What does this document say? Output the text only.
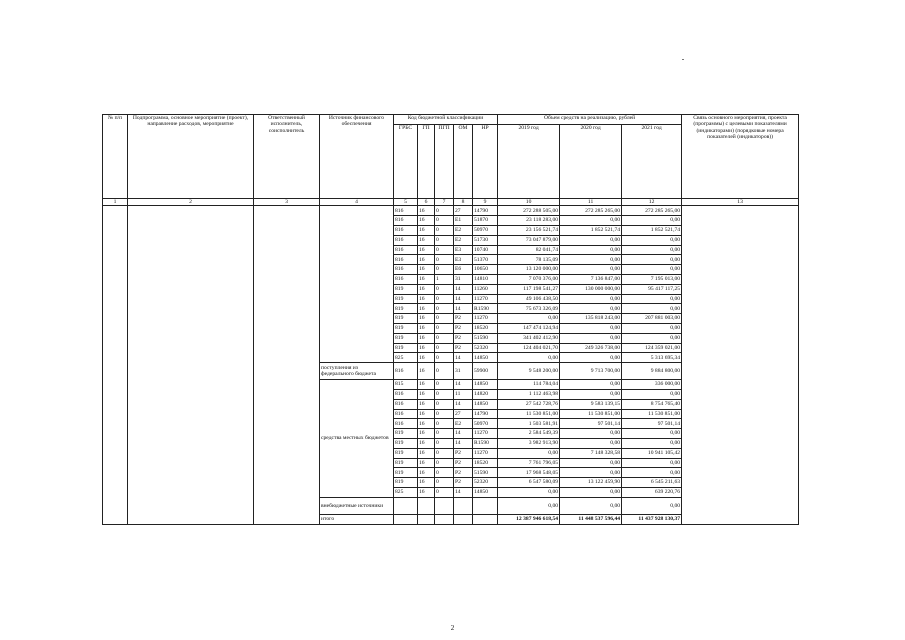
№ п/п	Подпрограмма, основное мероприятие (проект), направление расходов, мероприятие	Ответственный исполнитель, соисполнитель	Источник финансового обеспечения	Код бюджетной классификации					Объем средств на реализацию, рублей			Связь основного мероприятия, проекта (программы) с целевыми показателями (индикаторами) (порядковые номера показателей (индикаторов))
				ГРБС	ГП	ПГП	ОМ	НР	2019 год	2020 год	2021 год	
1	2	3	4	5	6	7	8	9	10	11	12	13
				816	16	0	27	14790	272 288 505,00	272 285 265,00	272 285 265,00	
				816	16	0	E1	51870	23 118 283,00	0,00	0,00	
				816	16	0	E2	50970	23 156 521,74	1 852 521,74	1 852 521,74	
				816	16	0	E2	51730	73 047 879,00	0,00	0,00	
				816	16	0	E3	10740	82 041,74	0,00	0,00	
				816	16	0	E3	51370	78 135,09	0,00	0,00	
				816	16	0	E6	10650	13 120 000,00	0,00	0,00	
				816	16	1	31	14810	7 070 376,00	7 136 847,00	7 195 013,00	
				819	16	0	14	11260	117 198 541,27	130 000 000,00	95 417 117,25	
				819	16	0	14	11270	49 106 438,50	0,00	0,00	
				819	16	0	14	R1590	75 673 326,09	0,00	0,00	
				819	16	0	P2	11270	0,00	135 818 243,00	207 881 003,00	
				819	16	0	P2	18520	147 474 124,94	0,00	0,00	
				819	16	0	P2	51590	341 402 412,90	0,00	0,00	
				819	16	0	P2	52320	124 404 021,70	249 326 738,00	124 359 021,00	
				825	16	0	14	14850	0,00	0,00	5 313 695,34	
			поступления из федерального бюджета	816	16	0	31	59900	9 548 200,00	9 713 700,00	9 884 800,00	
			средства местных бюджетов	815	16	0	14	14850	114 784,04	0,00	336 000,00	
				816	16	0	11	14820	1 112 463,98	0,00	0,00	
				816	16	0	14	14850	27 542 728,76	9 583 139,15	8 754 765,40	
				816	16	0	27	14790	11 530 851,00	11 530 851,00	11 530 851,00	
				816	16	0	E2	50970	1 503 581,91	97 501,14	97 501,14	
				819	16	0	14	11270	2 584 549,39	0,00	0,00	
				819	16	0	14	R1590	3 982 913,90	0,00	0,00	
				819	16	0	P2	11270	0,00	7 148 328,58	10 941 105,42	
				819	16	0	P2	18520	7 761 796,05	0,00	0,00	
				819	16	0	P2	51590	17 968 548,05	0,00	0,00	
				819	16	0	P2	52320	6 547 580,09	13 122 459,90	6 545 211,63	
				825	16	0	14	14850	0,00	0,00	639 220,76	
			внебюджетные источники						0,00	0,00	0,00	
			итого						12 387 946 618,54	11 448 537 596,44	11 437 928 130,37	
2
